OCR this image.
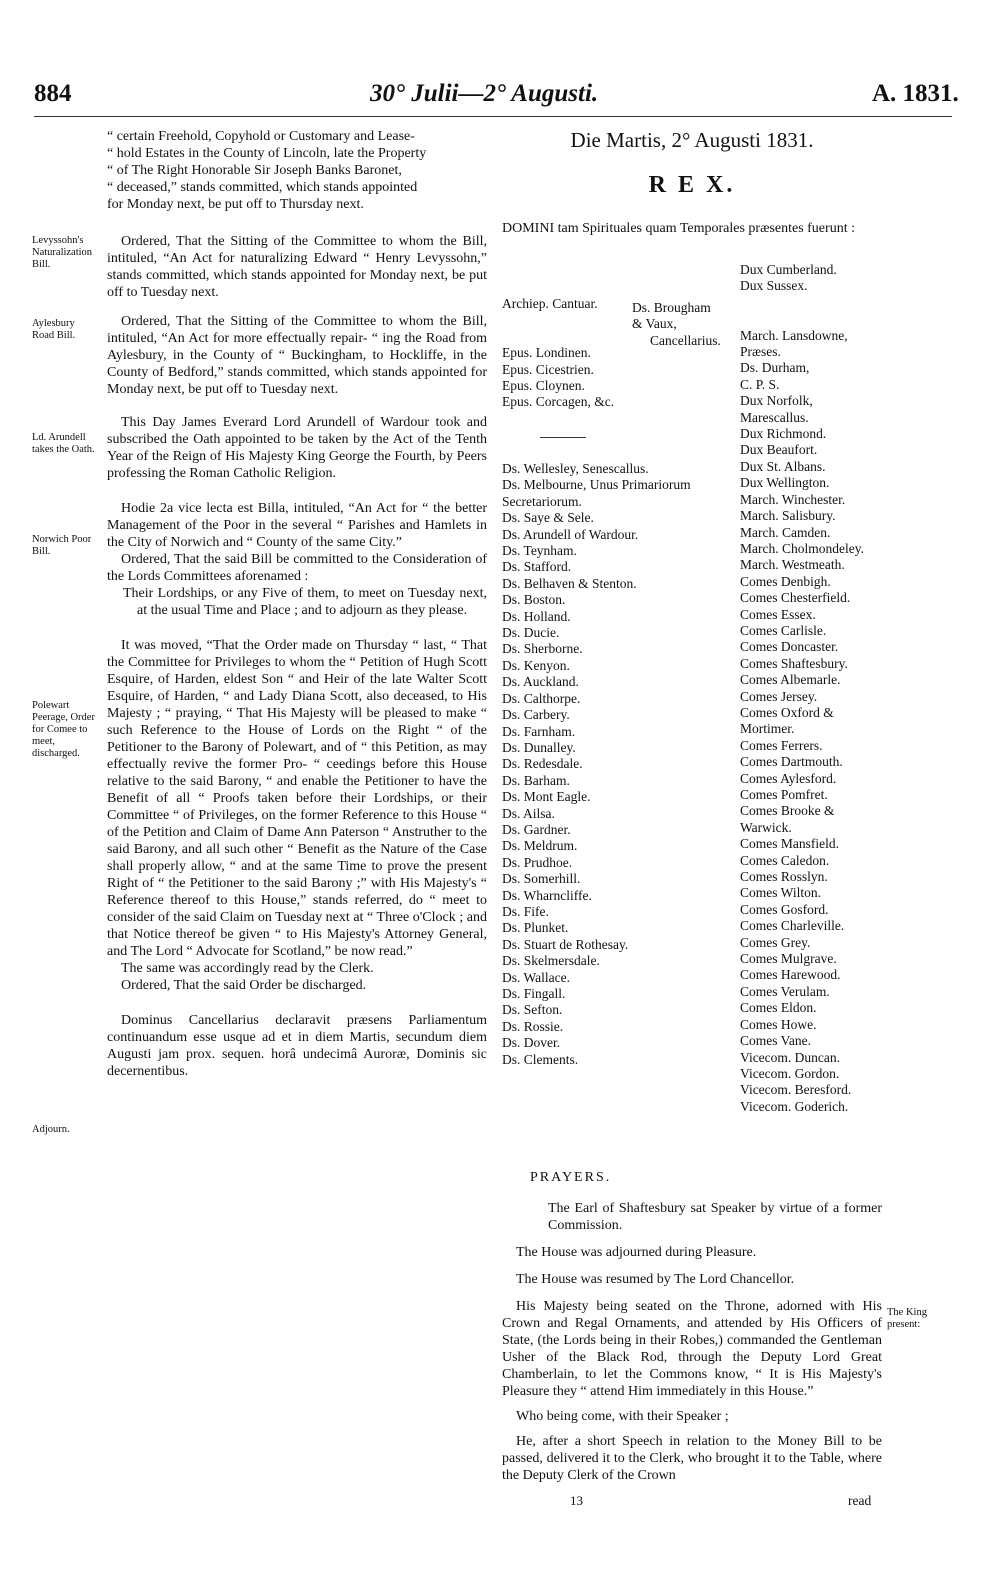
884	30° Julii—2° Augusti.	A. 1831.
Levyssohn's Naturalization Bill.
Aylesbury Road Bill.
Ld. Arundell takes the Oath.
Norwich Poor Bill.
Polewart Peerage, Order for Comee to meet, discharged.
Adjourn.
The King present:
“ certain Freehold, Copyhold or Customary and Lease-
“ hold Estates in the County of Lincoln, late the Property
“ of The Right Honorable Sir Joseph Banks Baronet,
“ deceased,” stands committed, which stands appointed
for Monday next, be put off to Thursday next.

Ordered, That the Sitting of the Committee to whom the Bill, intituled, “An Act for naturalizing Edward “ Henry Levyssohn,” stands committed, which stands appointed for Monday next, be put off to Tuesday next.

Ordered, That the Sitting of the Committee to whom the Bill, intituled, “An Act for more effectually repair- “ ing the Road from Aylesbury, in the County of “ Buckingham, to Hockliffe, in the County of Bedford,” stands committed, which stands appointed for Monday next, be put off to Tuesday next.

This Day James Everard Lord Arundell of Wardour took and subscribed the Oath appointed to be taken by the Act of the Tenth Year of the Reign of His Majesty King George the Fourth, by Peers professing the Roman Catholic Religion.

Hodie 2a vice lecta est Billa, intituled, “An Act for “ the better Management of the Poor in the several “ Parishes and Hamlets in the City of Norwich and “ County of the same City.”

Ordered, That the said Bill be committed to the Consideration of the Lords Committees aforenamed :

Their Lordships, or any Five of them, to meet on Tuesday next, at the usual Time and Place ; and to adjourn as they please.

It was moved, “That the Order made on Thursday “ last, “ That the Committee for Privileges to whom the “ Petition of Hugh Scott Esquire, of Harden, eldest Son “ and Heir of the late Walter Scott Esquire, of Harden, “ and Lady Diana Scott, also deceased, to His Majesty ; “ praying, “ That His Majesty will be pleased to make “ such Reference to the House of Lords on the Right “ of the Petitioner to the Barony of Polewart, and of “ this Petition, as may effectually revive the former Pro- “ ceedings before this House relative to the said Barony, “ and enable the Petitioner to have the Benefit of all “ Proofs taken before their Lordships, or their Committee “ of Privileges, on the former Reference to this House “ of the Petition and Claim of Dame Ann Paterson “ Anstruther to the said Barony, and all such other “ Benefit as the Nature of the Case shall properly allow, “ and at the same Time to prove the present Right of “ the Petitioner to the said Barony ;” with His Majesty's “ Reference thereof to this House,” stands referred, do “ meet to consider of the said Claim on Tuesday next at “ Three o'Clock ; and that Notice thereof be given “ to His Majesty's Attorney General, and The Lord “ Advocate for Scotland,” be now read.”

The same was accordingly read by the Clerk.

Ordered, That the said Order be discharged.

Dominus Cancellarius declaravit præsens Parliamentum continuandum esse usque ad et in diem Martis, secundum diem Augusti jam prox. sequen. horâ undecimâ Auroræ, Dominis sic decernentibus.

Die Martis, 2° Augusti 1831.
R E X.
DOMINI tam Spirituales quam Temporales præsentes fuerunt :
Archiep. Cantuar.

Epus. Londinen.
Epus. Cicestrien.
Epus. Cloynen.
Epus. Corcagen, &c.
Ds. Brougham
& Vaux,
Cancellarius.
Ds. Wellesley, Senescallus.
Ds. Melbourne, Unus Primariorum
Secretariorum.
Ds. Saye & Sele.
Ds. Arundell of Wardour.
Ds. Teynham.
Ds. Stafford.
Ds. Belhaven & Stenton.
Ds. Boston.
Ds. Holland.
Ds. Ducie.
Ds. Sherborne.
Ds. Kenyon.
Ds. Auckland.
Ds. Calthorpe.
Ds. Carbery.
Ds. Farnham.
Ds. Dunalley.
Ds. Redesdale.
Ds. Barham.
Ds. Mont Eagle.
Ds. Ailsa.
Ds. Gardner.
Ds. Meldrum.
Ds. Prudhoe.
Ds. Somerhill.
Ds. Wharncliffe.
Ds. Fife.
Ds. Plunket.
Ds. Stuart de Rothesay.
Ds. Skelmersdale.
Ds. Wallace.
Ds. Fingall.
Ds. Sefton.
Ds. Rossie.
Ds. Dover.
Ds. Clements.
Dux Cumberland.
Dux Sussex.

March. Lansdowne,
Præses.
Ds. Durham,
C. P. S.
Dux Norfolk,
Marescallus.
Dux Richmond.
Dux Beaufort.
Dux St. Albans.
Dux Wellington.
March. Winchester.
March. Salisbury.
March. Camden.
March. Cholmondeley.
March. Westmeath.
Comes Denbigh.
Comes Chesterfield.
Comes Essex.
Comes Carlisle.
Comes Doncaster.
Comes Shaftesbury.
Comes Albemarle.
Comes Jersey.
Comes Oxford &
Mortimer.
Comes Ferrers.
Comes Dartmouth.
Comes Aylesford.
Comes Pomfret.
Comes Brooke &
Warwick.
Comes Mansfield.
Comes Caledon.
Comes Rosslyn.
Comes Wilton.
Comes Gosford.
Comes Charleville.
Comes Grey.
Comes Mulgrave.
Comes Harewood.
Comes Verulam.
Comes Eldon.
Comes Howe.
Comes Vane.
Vicecom. Duncan.
Vicecom. Gordon.
Vicecom. Beresford.
Vicecom. Goderich.
PRAYERS.

The Earl of Shaftesbury sat Speaker by virtue of a former Commission.

The House was adjourned during Pleasure.

The House was resumed by The Lord Chancellor.

His Majesty being seated on the Throne, adorned with His Crown and Regal Ornaments, and attended by His Officers of State, (the Lords being in their Robes,) commanded the Gentleman Usher of the Black Rod, through the Deputy Lord Great Chamberlain, to let the Commons know, “ It is His Majesty's Pleasure they “ attend Him immediately in this House.”

Who being come, with their Speaker ;

He, after a short Speech in relation to the Money Bill to be passed, delivered it to the Clerk, who brought it to the Table, where the Deputy Clerk of the Crown

13	read
